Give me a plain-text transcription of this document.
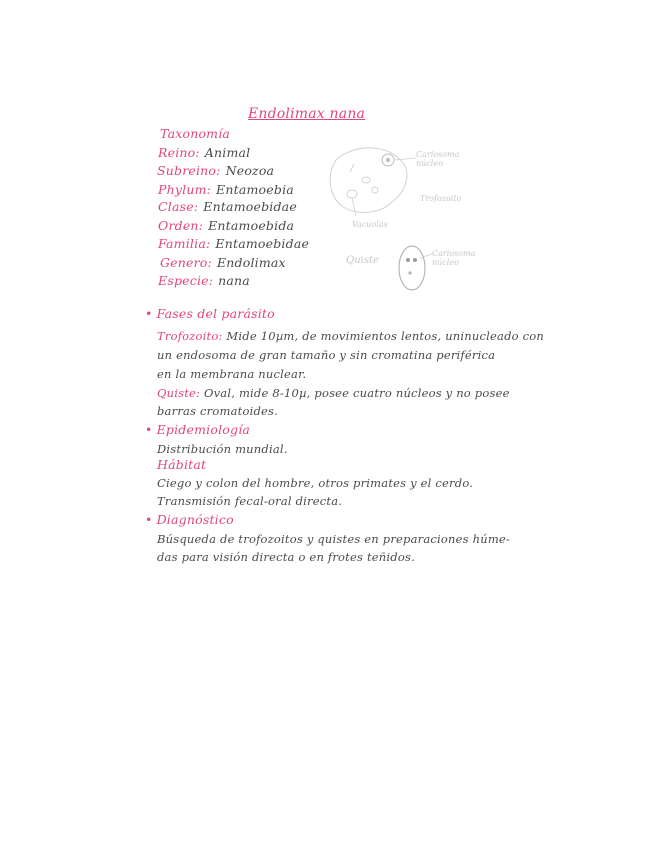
Endolimax nana
Taxonomía
Reino: Animal
Subreino: Neozoa
Phylum: Entamoebia
Clase: Entamoebidae
Orden: Entamoebida
Familia: Entamoebidae
Genero: Endolimax
Especie: nana
Cariosoma
núcleo
Trofozoito
Vacuolas
Quiste
Cariosoma
núcleo
• Fases del parásito
Trofozoito: Mide 10µm, de movimientos lentos, uninucleado con
un endosoma de gran tamaño y sin cromatina periférica
en la membrana nuclear.
Quiste: Oval, mide 8-10µ, posee cuatro núcleos y no posee
barras cromatoides.
• Epidemiología
Distribución mundial.
Hábitat
Ciego y colon del hombre, otros primates y el cerdo.
Transmisión fecal-oral directa.
• Diagnóstico
Búsqueda de trofozoitos y quistes en preparaciones húme-
das para visión directa o en frotes teñidos.
